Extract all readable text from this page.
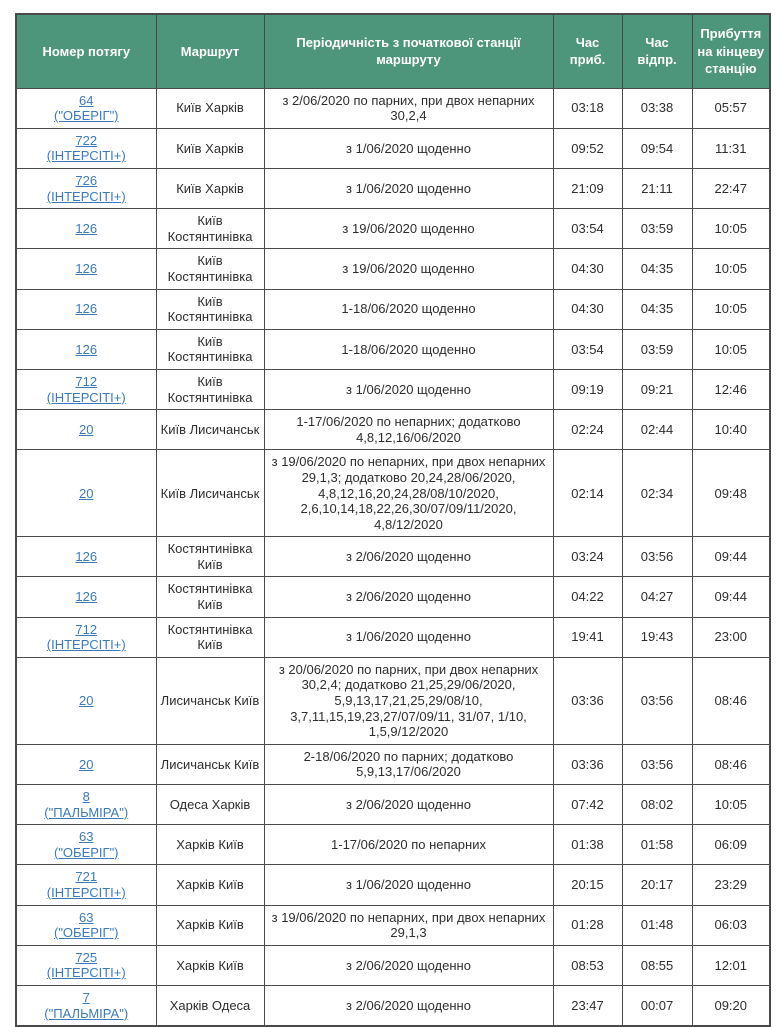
Номер потягу	Маршрут	Періодичність з початкової станції маршруту	Час приб.	Час відпр.	Прибуття на кінцеву станцію

64
("ОБЕРІГ")	Київ Харків	з 2/06/2020 по парних, при двох непарних 30,2,4	03:18	03:38	05:57

722
(ІНТЕРСІТІ+)	Київ Харків	з 1/06/2020 щоденно	09:52	09:54	11:31

726
(ІНТЕРСІТІ+)	Київ Харків	з 1/06/2020 щоденно	21:09	21:11	22:47

126	Київ Костянтинівка	з 19/06/2020 щоденно	03:54	03:59	10:05

126	Київ Костянтинівка	з 19/06/2020 щоденно	04:30	04:35	10:05

126	Київ Костянтинівка	1-18/06/2020 щоденно	04:30	04:35	10:05

126	Київ Костянтинівка	1-18/06/2020 щоденно	03:54	03:59	10:05

712
(ІНТЕРСІТІ+)	Київ Костянтинівка	з 1/06/2020 щоденно	09:19	09:21	12:46

20	Київ Лисичанськ	1-17/06/2020 по непарних; додатково 4,8,12,16/06/2020	02:24	02:44	10:40

20	Київ Лисичанськ	з 19/06/2020 по непарних, при двох непарних 29,1,3; додатково 20,24,28/06/2020, 4,8,12,16,20,24,28/08/10/2020, 2,6,10,14,18,22,26,30/07/09/11/2020, 4,8/12/2020	02:14	02:34	09:48

126	Костянтинівка Київ	з 2/06/2020 щоденно	03:24	03:56	09:44

126	Костянтинівка Київ	з 2/06/2020 щоденно	04:22	04:27	09:44

712
(ІНТЕРСІТІ+)	Костянтинівка Київ	з 1/06/2020 щоденно	19:41	19:43	23:00

20	Лисичанськ Київ	з 20/06/2020 по парних, при двох непарних 30,2,4; додатково 21,25,29/06/2020, 5,9,13,17,21,25,29/08/10, 3,7,11,15,19,23,27/07/09/11, 31/07, 1/10, 1,5,9/12/2020	03:36	03:56	08:46

20	Лисичанськ Київ	2-18/06/2020 по парних; додатково 5,9,13,17/06/2020	03:36	03:56	08:46

8
("ПАЛЬМІРА")	Одеса Харків	з 2/06/2020 щоденно	07:42	08:02	10:05

63
("ОБЕРІГ")	Харків Київ	1-17/06/2020 по непарних	01:38	01:58	06:09

721
(ІНТЕРСІТІ+)	Харків Київ	з 1/06/2020 щоденно	20:15	20:17	23:29

63
("ОБЕРІГ")	Харків Київ	з 19/06/2020 по непарних, при двох непарних 29,1,3	01:28	01:48	06:03

725
(ІНТЕРСІТІ+)	Харків Київ	з 2/06/2020 щоденно	08:53	08:55	12:01

7
("ПАЛЬМІРА")	Харків Одеса	з 2/06/2020 щоденно	23:47	00:07	09:20
